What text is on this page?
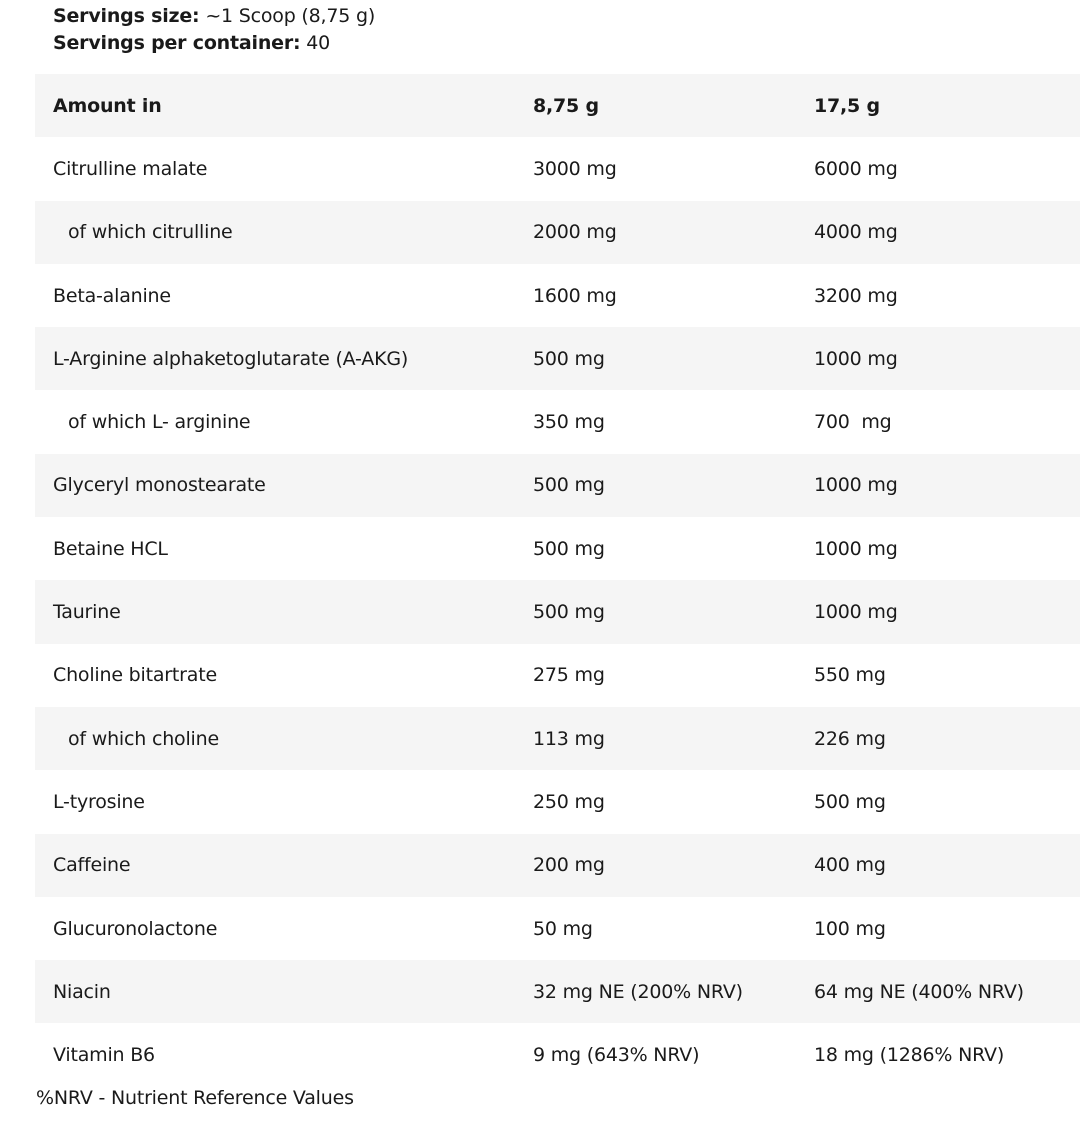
Servings size: ~1 Scoop (8,75 g)
Servings per container: 40
Amount in	8,75 g	17,5 g
Citrulline malate	3000 mg	6000 mg
of which citrulline	2000 mg	4000 mg
Beta-alanine	1600 mg	3200 mg
L-Arginine alphaketoglutarate (A-AKG)	500 mg	1000 mg
of which L- arginine	350 mg	700  mg
Glyceryl monostearate	500 mg	1000 mg
Betaine HCL	500 mg	1000 mg
Taurine	500 mg	1000 mg
Choline bitartrate	275 mg	550 mg
of which choline	113 mg	226 mg
L-tyrosine	250 mg	500 mg
Caffeine	200 mg	400 mg
Glucuronolactone	50 mg	100 mg
Niacin	32 mg NE (200% NRV)	64 mg NE (400% NRV)
Vitamin B6	9 mg (643% NRV)	18 mg (1286% NRV)
%NRV - Nutrient Reference Values
